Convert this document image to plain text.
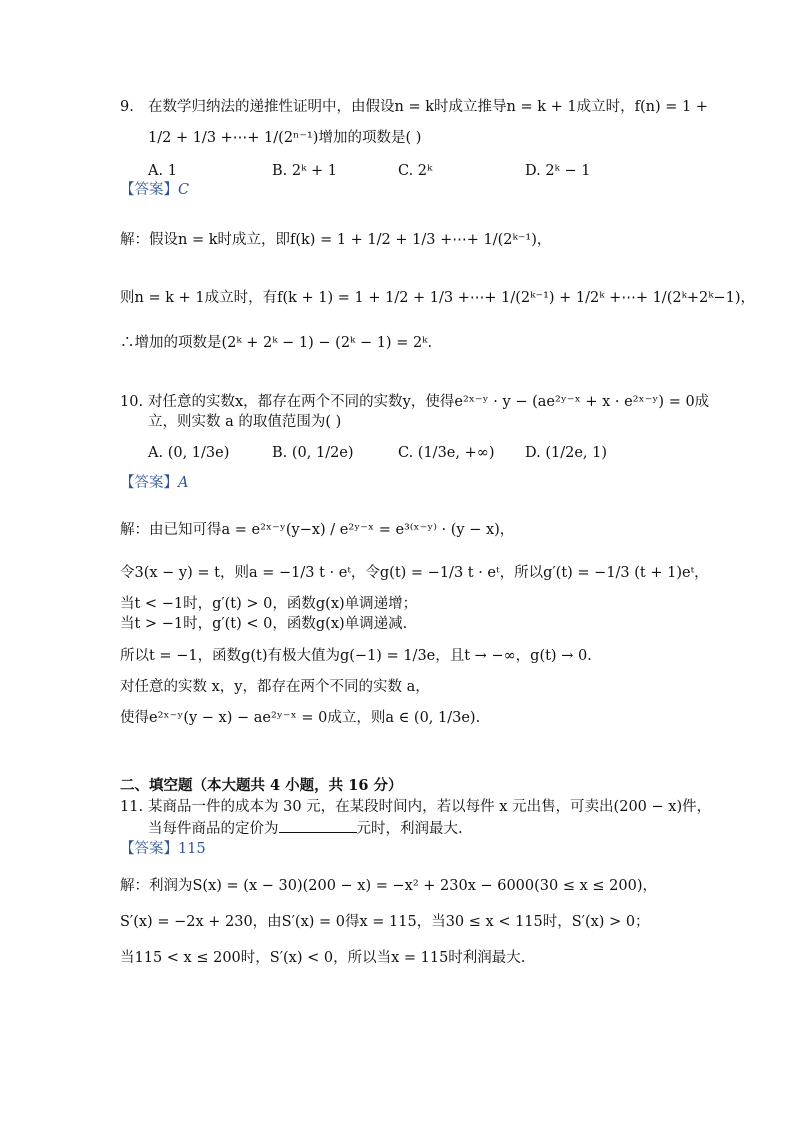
9. 在数学归纳法的递推性证明中，由假设n = k时成立推导n = k + 1成立时，f(n) = 1 +
1/2 + 1/3 +⋯+ 1/(2ⁿ⁻¹)增加的项数是( )
A. 1	B. 2ᵏ + 1	C. 2ᵏ	D. 2ᵏ − 1
【答案】C
解：假设n = k时成立，即f(k) = 1 + 1/2 + 1/3 +⋯+ 1/(2ᵏ⁻¹)，
则n = k + 1成立时，有f(k + 1) = 1 + 1/2 + 1/3 +⋯+ 1/(2ᵏ⁻¹) + 1/2ᵏ +⋯+ 1/(2ᵏ+2ᵏ−1)，
∴增加的项数是(2ᵏ + 2ᵏ − 1) − (2ᵏ − 1) = 2ᵏ.
10. 对任意的实数x，都存在两个不同的实数y，使得e²ˣ⁻ʸ · y − (ae²ʸ⁻ˣ + x · e²ˣ⁻ʸ) = 0成
立，则实数 a 的取值范围为( )
A. (0, 1/3e)	B. (0, 1/2e)	C. (1/3e, +∞) D. (1/2e, 1)
【答案】A
解：由已知可得a = e²ˣ⁻ʸ(y−x) / e²ʸ⁻ˣ = e³⁽ˣ⁻ʸ⁾ · (y − x)，
令3(x − y) = t，则a = −1/3 t · eᵗ，令g(t) = −1/3 t · eᵗ，所以g′(t) = −1/3 (t + 1)eᵗ，
当t < −1时，g′(t) > 0，函数g(x)单调递增；
当t > −1时，g′(t) < 0，函数g(x)单调递减.
所以t = −1，函数g(t)有极大值为g(−1) = 1/3e，且t → −∞，g(t) → 0.
对任意的实数 x，y，都存在两个不同的实数 a，
使得e²ˣ⁻ʸ(y − x) − ae²ʸ⁻ˣ = 0成立，则a ∈ (0, 1/3e).
二、填空题（本大题共 4 小题，共 16 分）
11. 某商品一件的成本为 30 元，在某段时间内，若以每件 x 元出售，可卖出(200 − x)件，
当每件商品的定价为	元时，利润最大.
【答案】115
解：利润为S(x) = (x − 30)(200 − x) = −x² + 230x − 6000(30 ≤ x ≤ 200)，
S′(x) = −2x + 230，由S′(x) = 0得x = 115，当30 ≤ x < 115时，S′(x) > 0；
当115 < x ≤ 200时，S′(x) < 0，所以当x = 115时利润最大.
